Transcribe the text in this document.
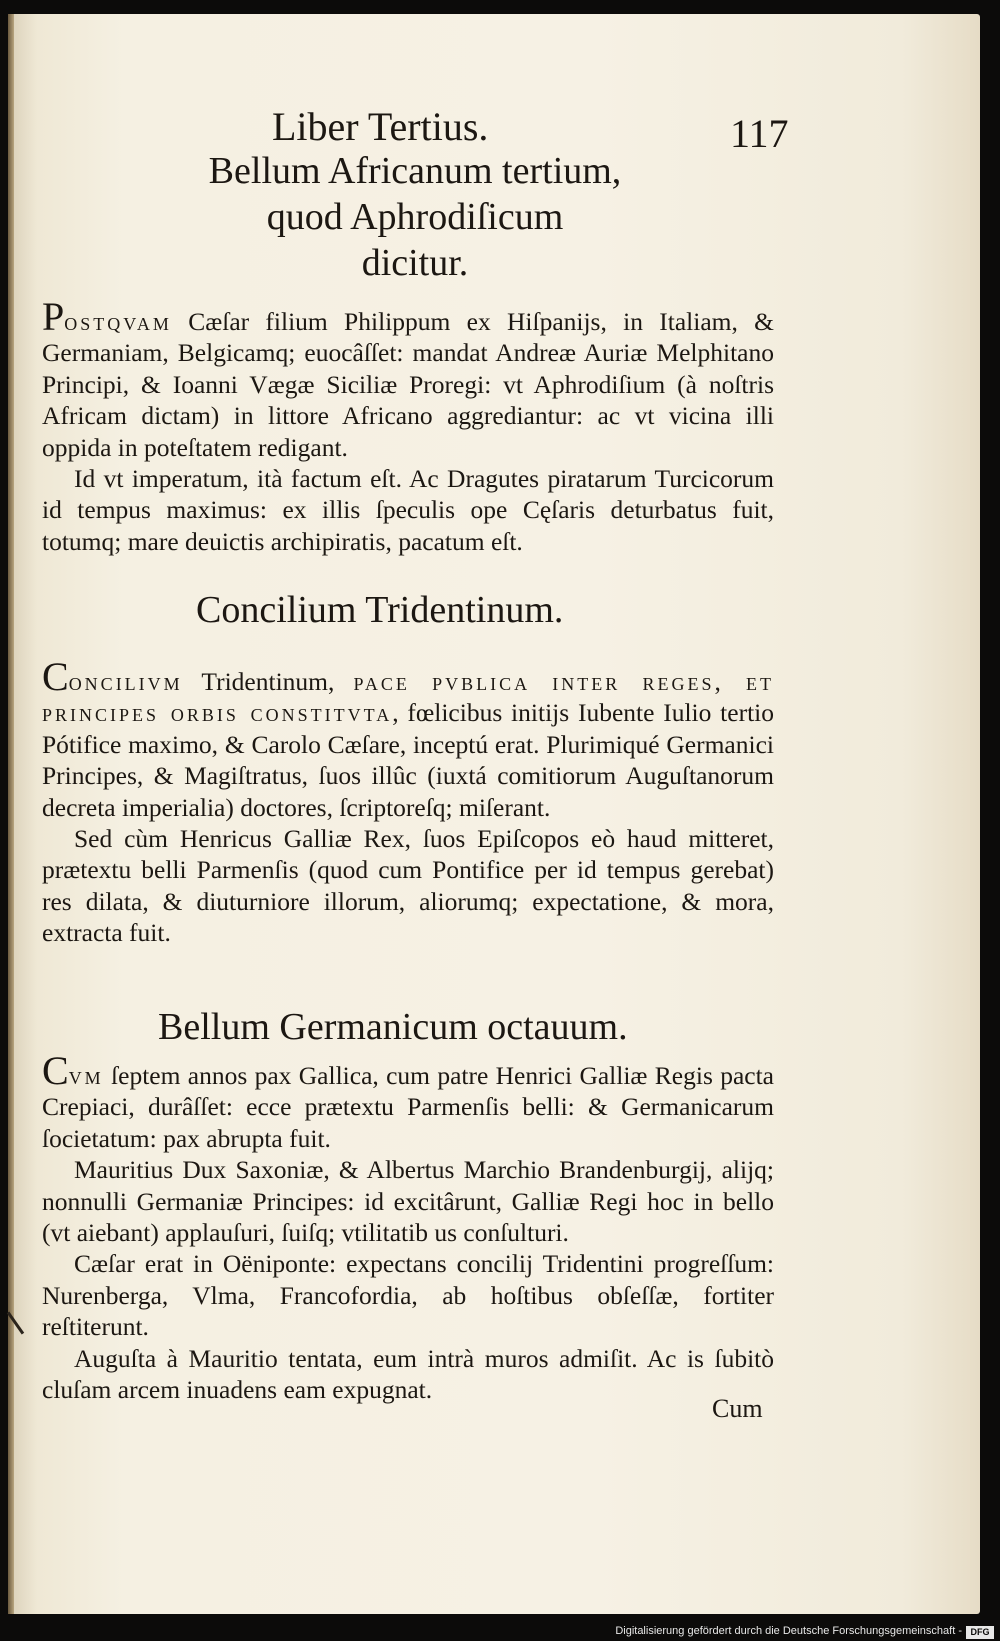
Liber Tertius.	117
Bellum Africanum tertium,
quod Aphrodiſicum
dicitur.

Postqvam Cæſar filium Philippum ex Hiſpanijs, in Italiam, & Germaniam, Belgicamq; euocâſſet: mandat Andreæ Auriæ Melphitano Principi, & Ioanni Vægæ Siciliæ Proregi: vt Aphrodiſium (à noſtris Africam dictam) in littore Africano aggrediantur: ac vt vicina illi oppida in poteſtatem redigant.

Id vt imperatum, ità factum eſt. Ac Dragutes piratarum Turcicorum id tempus maximus: ex illis ſpeculis ope Cęſaris deturbatus fuit, totumq; mare deuictis archipiratis, pacatum eſt.

Concilium Tridentinum.

Concilivm Tridentinum, pace pvblica inter reges, et principes orbis constitvta, fœlicibus initijs Iubente Iulio tertio Pótifice maximo, & Carolo Cæſare, inceptú erat. Plurimiqué Germanici Principes, & Magiſtratus, ſuos illûc (iuxtá comitiorum Auguſtanorum decreta imperialia) doctores, ſcriptoreſq; miſerant.

Sed cùm Henricus Galliæ Rex, ſuos Epiſcopos eò haud mitteret, prætextu belli Parmenſis (quod cum Pontifice per id tempus gerebat) res dilata, & diuturniore illorum, aliorumq; expectatione, & mora, extracta fuit.

Bellum Germanicum octauum.

Cvm ſeptem annos pax Gallica, cum patre Henrici Galliæ Regis pacta Crepiaci, durâſſet: ecce prætextu Parmenſis belli: & Germanicarum ſocietatum: pax abrupta fuit.

Mauritius Dux Saxoniæ, & Albertus Marchio Brandenburgij, alijq; nonnulli Germaniæ Principes: id excitârunt, Galliæ Regi hoc in bello (vt aiebant) applauſuri, ſuiſq; vtilitatib us conſulturi.

Cæſar erat in Oëniponte: expectans concilij Tridentini progreſſum: Nurenberga, Vlma, Francofordia, ab hoſtibus obſeſſæ, fortiter reſtiterunt.

Auguſta à Mauritio tentata, eum intrà muros admiſit. Ac is ſubitò cluſam arcem inuadens eam expugnat.

Cum
Digitalisierung gefördert durch die Deutsche Forschungsgemeinschaft - DFG
